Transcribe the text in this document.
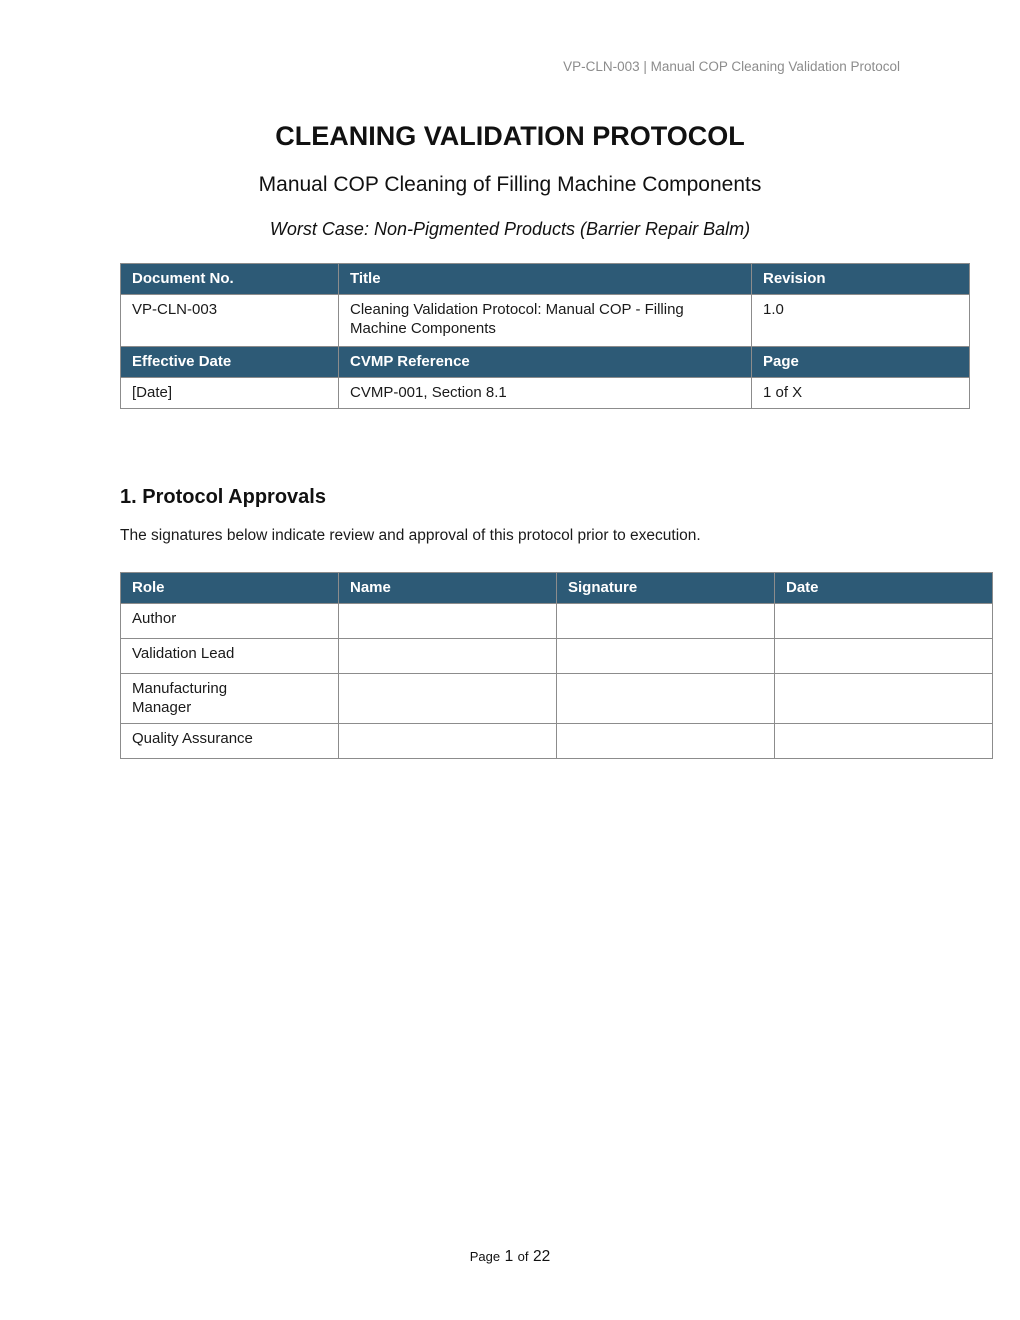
VP-CLN-003 | Manual COP Cleaning Validation Protocol
CLEANING VALIDATION PROTOCOL
Manual COP Cleaning of Filling Machine Components
Worst Case: Non-Pigmented Products (Barrier Repair Balm)
Document No.	Title	Revision
VP-CLN-003	Cleaning Validation Protocol: Manual COP - Filling Machine Components	1.0
Effective Date	CVMP Reference	Page
[Date]	CVMP-001, Section 8.1	1 of X
1. Protocol Approvals
The signatures below indicate review and approval of this protocol prior to execution.
Role	Name	Signature	Date
Author			
Validation Lead			
Manufacturing Manager			
Quality Assurance			
Page 1 of 22
